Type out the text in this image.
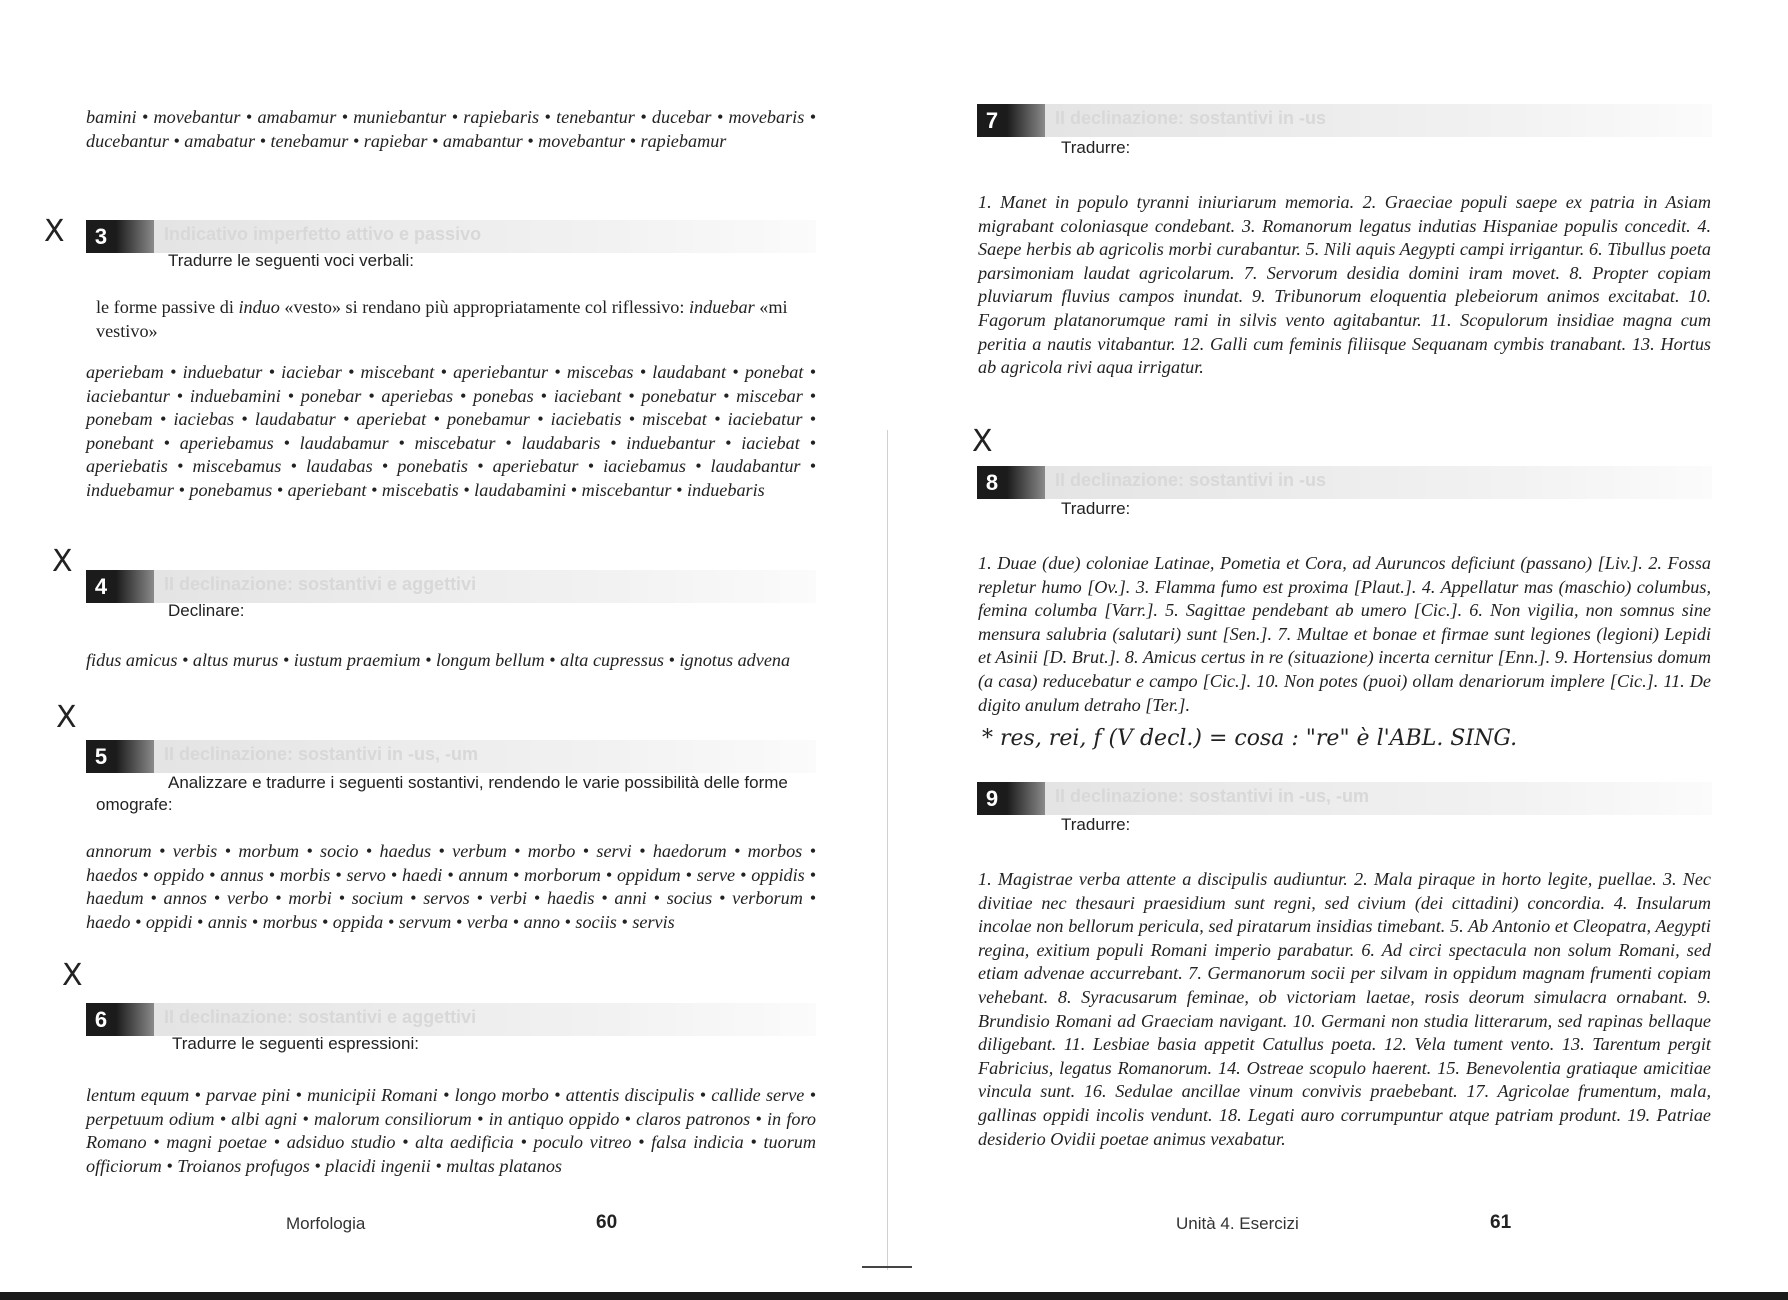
bamini • movebantur • amabamur • muniebantur • rapiebaris • tenebantur • ducebar • movebaris • ducebantur • amabatur • tenebamur • rapiebar • amabantur • movebantur • rapiebamur
X	3	Indicativo imperfetto attivo e passivo
Tradurre le seguenti voci verbali:
le forme passive di induo «vesto» si rendano più appropriatamente col riflessivo: induebar «mi vestivo»
aperiebam • induebatur • iaciebar • miscebant • aperiebantur • miscebas • laudabant • ponebat • iaciebantur • induebamini • ponebar • aperiebas • ponebas • iaciebant • ponebatur • miscebar • ponebam • iaciebas • laudabatur • aperiebat • ponebamur • iaciebatis • miscebat • iaciebatur • ponebant • aperiebamus • laudabamur • miscebatur • laudabaris • induebantur • iaciebat • aperiebatis • miscebamus • laudabas • ponebatis • aperiebatur • iaciebamus • laudabantur • induebamur • ponebamus • aperiebant • miscebatis • laudabamini • miscebantur • induebaris
X
4	II declinazione: sostantivi e aggettivi
Declinare:
fidus amicus • altus murus • iustum praemium • longum bellum • alta cupressus • ignotus advena
X
5	II declinazione: sostantivi in -us, -um
Analizzare e tradurre i seguenti sostantivi, rendendo le varie possibilità delle forme
omografe:
annorum • verbis • morbum • socio • haedus • verbum • morbo • servi • haedorum • morbos • haedos • oppido • annus • morbis • servo • haedi • annum • morborum • oppidum • serve • oppidis • haedum • annos • verbo • morbi • socium • servos • verbi • haedis • anni • socius • verborum • haedo • oppidi • annis • morbus • oppida • servum • verba • anno • sociis • servis
X
6	II declinazione: sostantivi e aggettivi
Tradurre le seguenti espressioni:
lentum equum • parvae pini • municipii Romani • longo morbo • attentis discipulis • callide serve • perpetuum odium • albi agni • malorum consiliorum • in antiquo oppido • claros patronos • in foro Romano • magni poetae • adsiduo studio • alta aedificia • poculo vitreo • falsa indicia • tuorum officiorum • Troianos profugos • placidi ingenii • multas platanos
Morfologia	60
7	II declinazione: sostantivi in -us
Tradurre:
1. Manet in populo tyranni iniuriarum memoria. 2. Graeciae populi saepe ex patria in Asiam migrabant coloniasque condebant. 3. Romanorum legatus indutias Hispaniae populis concedit. 4. Saepe herbis ab agricolis morbi curabantur. 5. Nili aquis Aegypti campi irrigantur. 6. Tibullus poeta parsimoniam laudat agricolarum. 7. Servorum desidia domini iram movet. 8. Propter copiam pluviarum fluvius campos inundat. 9. Tribunorum eloquentia plebeiorum animos excitabat. 10. Fagorum platanorumque rami in silvis vento agitabantur. 11. Scopulorum insidiae magna cum peritia a nautis vitabantur. 12. Galli cum feminis filiisque Sequanam cymbis tranabant. 13. Hortus ab agricola rivi aqua irrigatur.
X
8	II declinazione: sostantivi in -us
Tradurre:
1. Duae (due) coloniae Latinae, Pometia et Cora, ad Auruncos deficiunt (passano) [Liv.]. 2. Fossa repletur humo [Ov.]. 3. Flamma fumo est proxima [Plaut.]. 4. Appellatur mas (maschio) columbus, femina columba [Varr.]. 5. Sagittae pendebant ab umero [Cic.]. 6. Non vigilia, non somnus sine mensura salubria (salutari) sunt [Sen.]. 7. Multae et bonae et firmae sunt legiones (legioni) Lepidi et Asinii [D. Brut.]. 8. Amicus certus in re (situazione) incerta cernitur [Enn.]. 9. Hortensius domum (a casa) reducebatur e campo [Cic.]. 10. Non potes (puoi) ollam denariorum implere [Cic.]. 11. De digito anulum detraho [Ter.].
* res, rei, f (V decl.) = cosa : "re" è l'ABL. SING.
9	II declinazione: sostantivi in -us, -um
Tradurre:
1. Magistrae verba attente a discipulis audiuntur. 2. Mala piraque in horto legite, puellae. 3. Nec divitiae nec thesauri praesidium sunt regni, sed civium (dei cittadini) concordia. 4. Insularum incolae non bellorum pericula, sed piratarum insidias timebant. 5. Ab Antonio et Cleopatra, Aegypti regina, exitium populi Romani imperio parabatur. 6. Ad circi spectacula non solum Romani, sed etiam advenae accurrebant. 7. Germanorum socii per silvam in oppidum magnam frumenti copiam vehebant. 8. Syracusarum feminae, ob victoriam laetae, rosis deorum simulacra ornabant. 9. Brundisio Romani ad Graeciam navigant. 10. Germani non studia litterarum, sed rapinas bellaque diligebant. 11. Lesbiae basia appetit Catullus poeta. 12. Vela tument vento. 13. Tarentum pergit Fabricius, legatus Romanorum. 14. Ostreae scopulo haerent. 15. Benevolentia gratiaque amicitiae vincula sunt. 16. Sedulae ancillae vinum convivis praebebant. 17. Agricolae frumentum, mala, gallinas oppidi incolis vendunt. 18. Legati auro corrumpuntur atque patriam produnt. 19. Patriae desiderio Ovidii poetae animus vexabatur.
Unità 4. Esercizi	61
